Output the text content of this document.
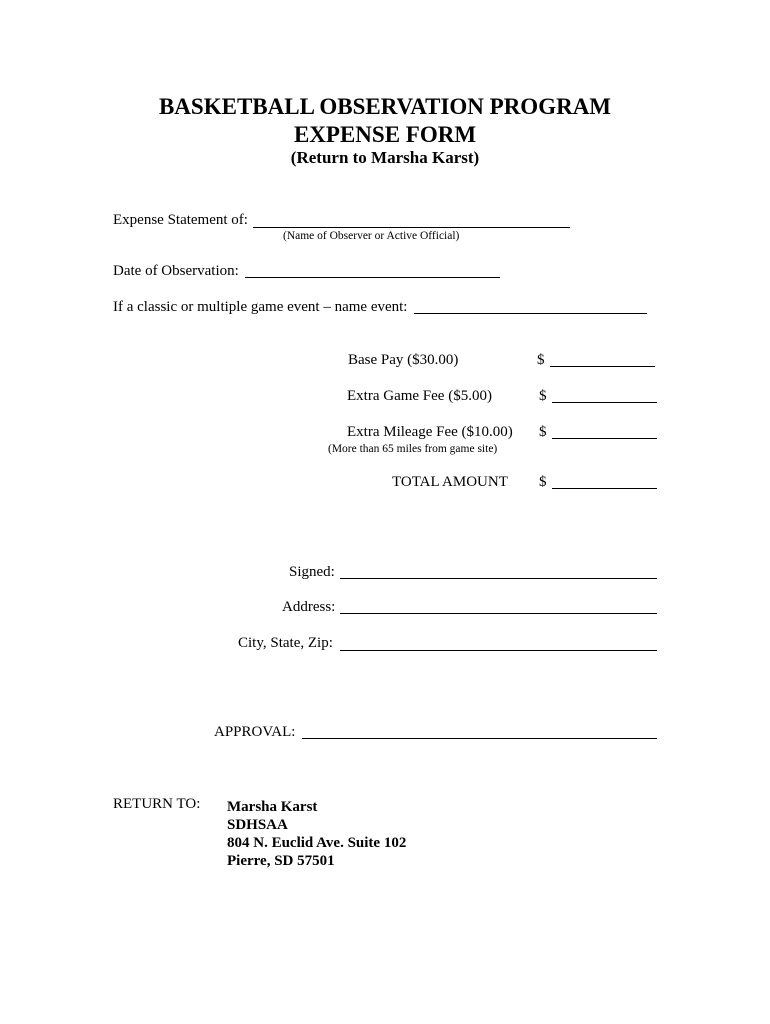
BASKETBALL OBSERVATION PROGRAM
EXPENSE FORM
(Return to Marsha Karst)
Expense Statement of:
(Name of Observer or Active Official)
Date of Observation:
If a classic or multiple game event – name event:
Base Pay ($30.00)	$
Extra Game Fee ($5.00)	$
Extra Mileage Fee ($10.00) $
(More than 65 miles from game site)
TOTAL AMOUNT $
Signed:
Address:
City, State, Zip:
APPROVAL:
RETURN TO: Marsha Karst
SDHSAA
804 N. Euclid Ave. Suite 102
Pierre, SD 57501
